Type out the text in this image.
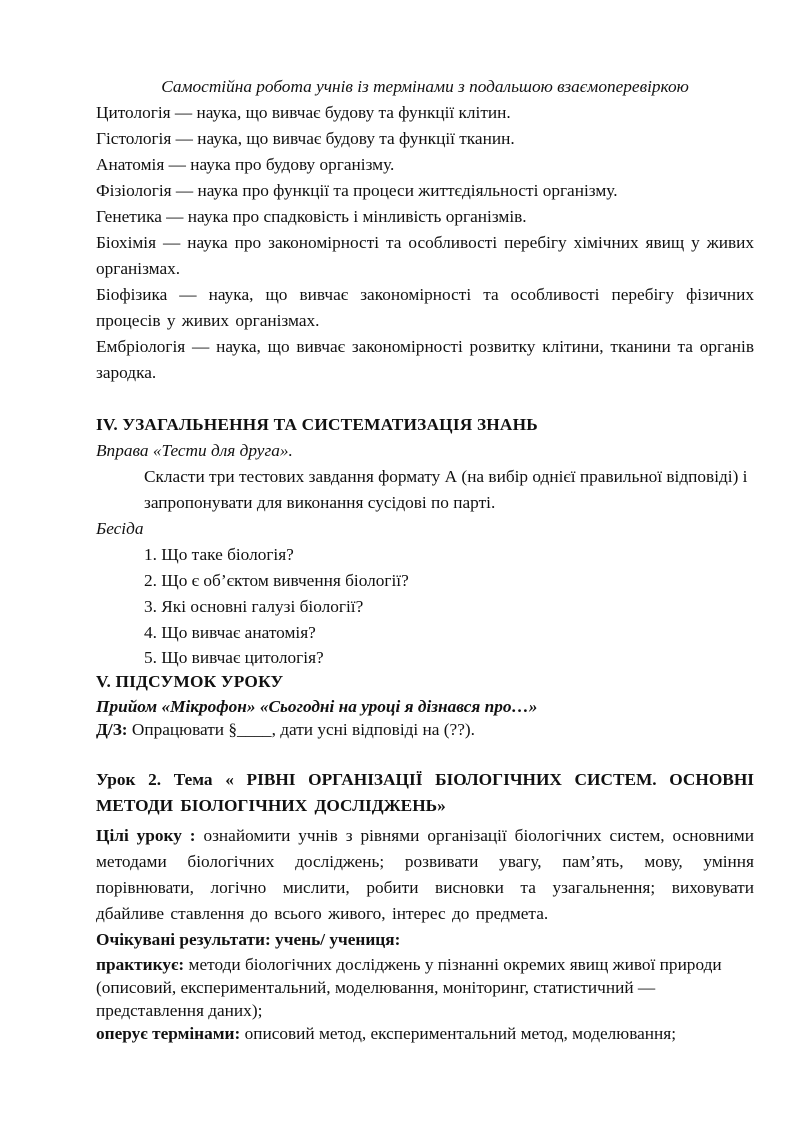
Самостійна робота учнів із термінами з подальшою взаємоперевіркою

Цитологія — наука, що вивчає будову та функції клітин.

Гістологія — наука, що вивчає будову та функції тканин.

Анатомія — наука про будову організму.

Фізіологія — наука про функції та процеси життєдіяльності організму.

Генетика — наука про спадковість і мінливість організмів.

Біохімія — наука про закономірності та особливості перебігу хімічних явищ у живих організмах.

Біофізика — наука, що вивчає закономірності та особливості перебігу фізичних процесів у живих організмах.

Ембріологія — наука, що вивчає закономірності розвитку клітини, тканини та органів зародка.

IV. УЗАГАЛЬНЕННЯ ТА СИСТЕМАТИЗАЦІЯ ЗНАНЬ

Вправа «Тести для друга».

Скласти три тестових завдання формату А (на вибір однієї правильної відповіді) і запропонувати для виконання сусідові по парті.

Бесіда

1. Що таке біологія?

2. Що є об’єктом вивчення біології?

3. Які основні галузі біології?

4. Що вивчає анатомія?

5. Що вивчає цитологія?

V. ПІДСУМОК УРОКУ

Прийом «Мікрофон» «Сьогодні на уроці я дізнався про…»

Д/З: Опрацювати §____, дати усні відповіді на (??).

Урок 2. Тема « РІВНІ ОРГАНІЗАЦІЇ БІОЛОГІЧНИХ СИСТЕМ. ОСНОВНІ МЕТОДИ БІОЛОГІЧНИХ ДОСЛІДЖЕНЬ»

Цілі уроку : ознайомити учнів з рівнями організації біологічних систем, основними методами біологічних досліджень; розвивати увагу, пам’ять, мову, уміння порівнювати, логічно мислити, робити висновки та узагальнення; виховувати дбайливе ставлення до всього живого, інтерес до предмета.

Очікувані результати: учень/ учениця:

практикує: методи біологічних досліджень у пізнанні окремих явищ живої природи (описовий, експериментальний, моделювання, моніторинг, статистичний — представлення даних);

оперує термінами: описовий метод, експериментальний метод, моделювання;
